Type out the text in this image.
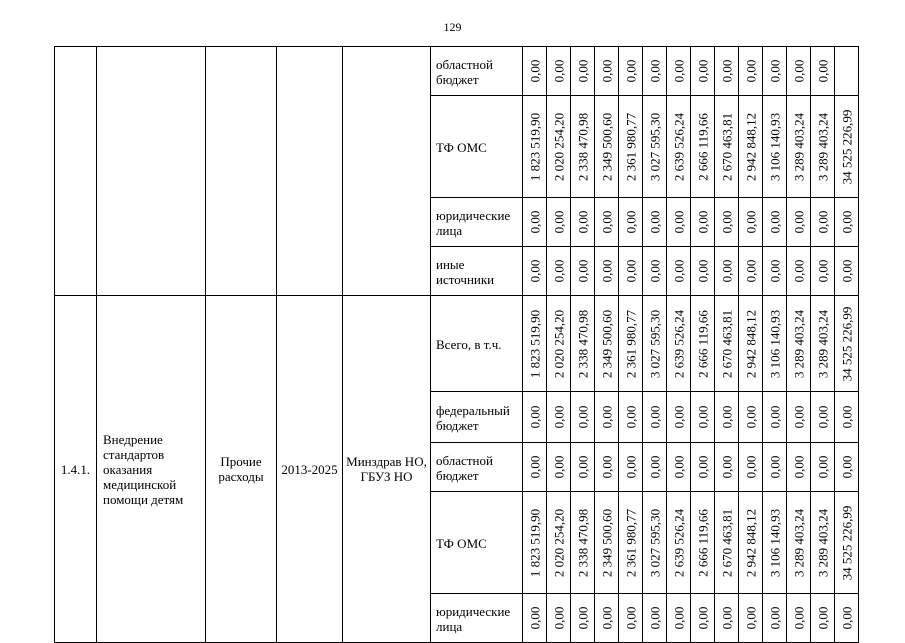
129
					областной бюджет	0,00	0,00	0,00	0,00	0,00	0,00	0,00	0,00	0,00	0,00	0,00	0,00	0,00	

					ТФ ОМС	1 823 519,90	2 020 254,20	2 338 470,98	2 349 500,60	2 361 980,77	3 027 595,30	2 639 526,24	2 666 119,66	2 670 463,81	2 942 848,12	3 106 140,93	3 289 403,24	3 289 403,24	34 525 226,99

					юридические лица	0,00	0,00	0,00	0,00	0,00	0,00	0,00	0,00	0,00	0,00	0,00	0,00	0,00	0,00

					иные источники	0,00	0,00	0,00	0,00	0,00	0,00	0,00	0,00	0,00	0,00	0,00	0,00	0,00	0,00

1.4.1.	Внедрение стандартов оказания медицинской помощи детям	Прочие расходы	2013-2025	Минздрав НО, ГБУЗ НО	Всего, в т.ч.	1 823 519,90	2 020 254,20	2 338 470,98	2 349 500,60	2 361 980,77	3 027 595,30	2 639 526,24	2 666 119,66	2 670 463,81	2 942 848,12	3 106 140,93	3 289 403,24	3 289 403,24	34 525 226,99

					федеральный бюджет	0,00	0,00	0,00	0,00	0,00	0,00	0,00	0,00	0,00	0,00	0,00	0,00	0,00	0,00

					областной бюджет	0,00	0,00	0,00	0,00	0,00	0,00	0,00	0,00	0,00	0,00	0,00	0,00	0,00	0,00

					ТФ ОМС	1 823 519,90	2 020 254,20	2 338 470,98	2 349 500,60	2 361 980,77	3 027 595,30	2 639 526,24	2 666 119,66	2 670 463,81	2 942 848,12	3 106 140,93	3 289 403,24	3 289 403,24	34 525 226,99

					юридические лица	0,00	0,00	0,00	0,00	0,00	0,00	0,00	0,00	0,00	0,00	0,00	0,00	0,00	0,00
